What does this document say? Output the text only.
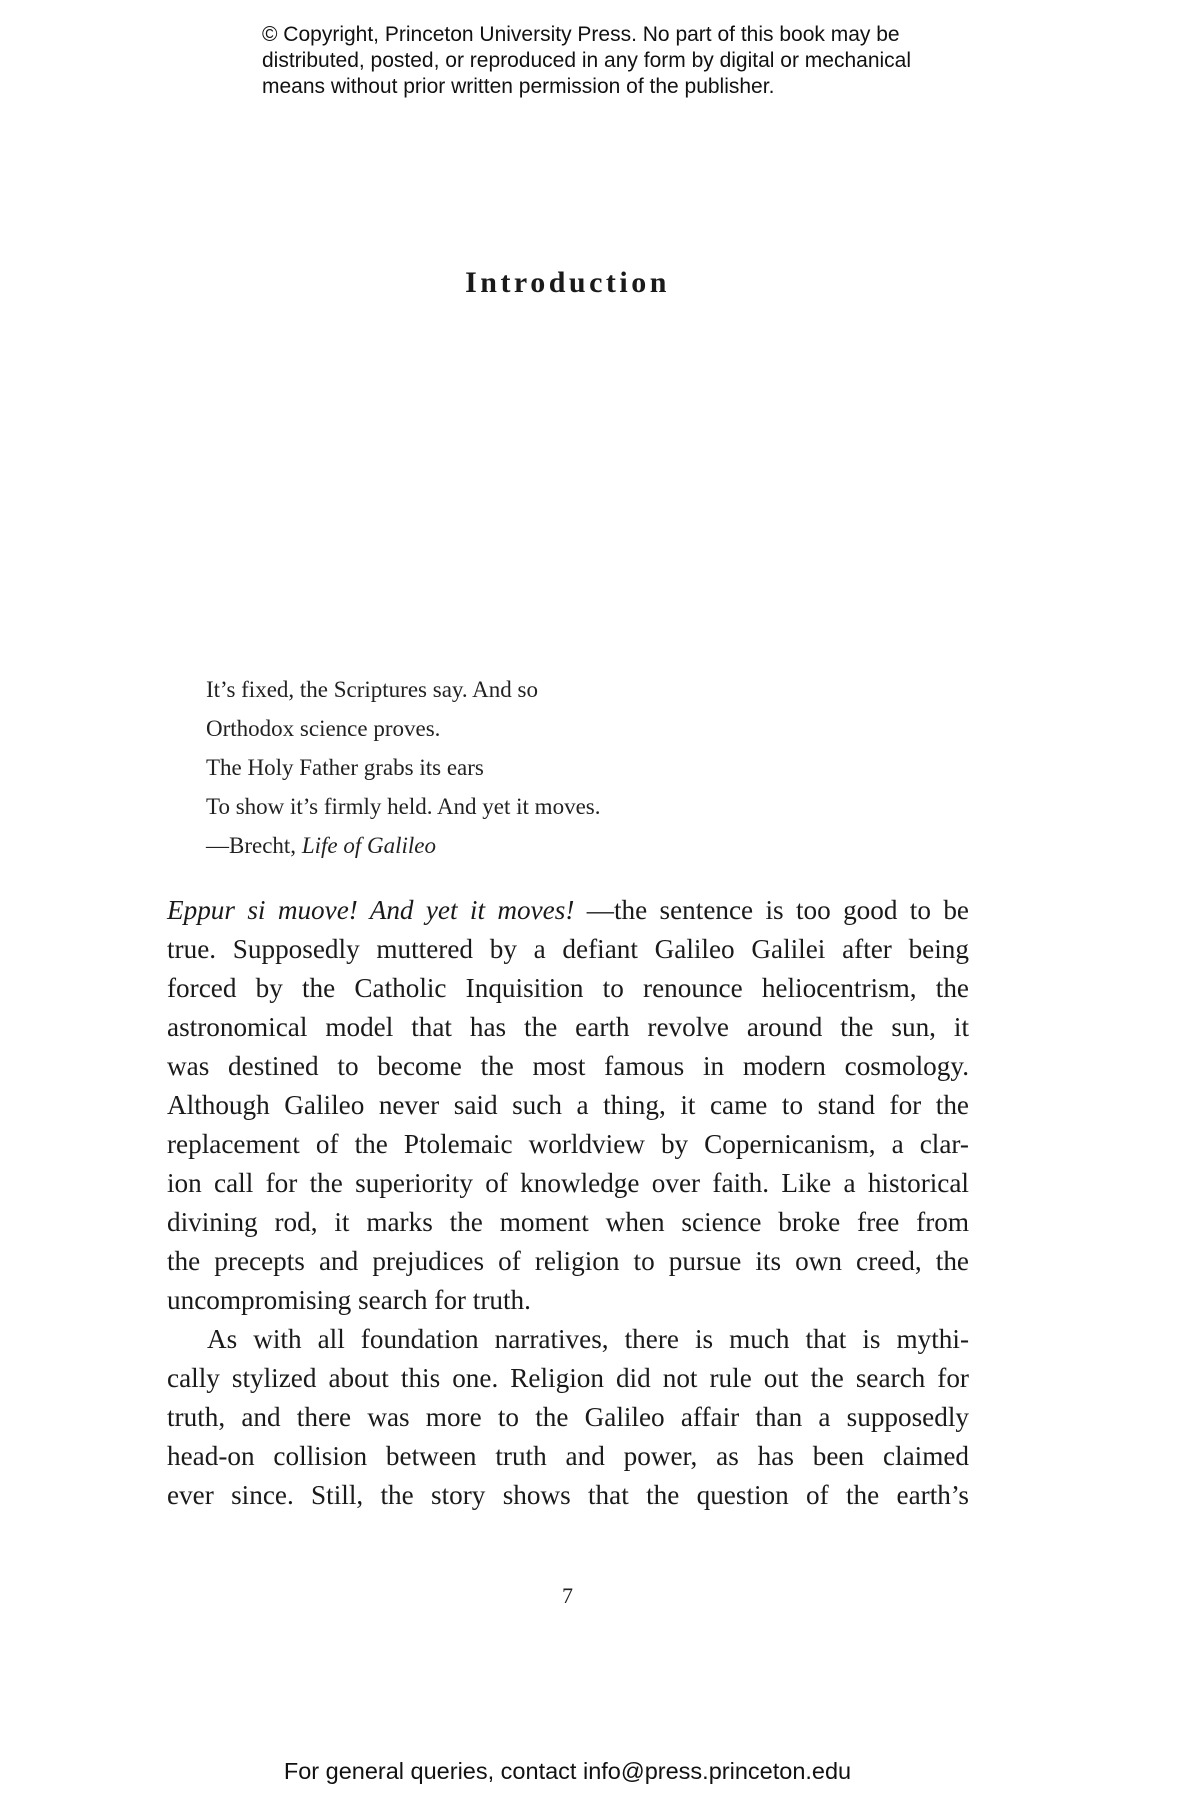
© Copyright, Princeton University Press. No part of this book may be
distributed, posted, or reproduced in any form by digital or mechanical
means without prior written permission of the publisher.
Introduction
It’s fixed, the Scriptures say. And so
Orthodox science proves.
The Holy Father grabs its ears
To show it’s firmly held. And yet it moves.
—Brecht, Life of Galileo
Eppur si muove! And yet it moves! —the sentence is too good to be
true. Supposedly muttered by a defiant Galileo Galilei after being
forced by the Catholic Inquisition to renounce heliocentrism, the
astronomical model that has the earth revolve around the sun, it
was destined to become the most famous in modern cosmology.
Although Galileo never said such a thing, it came to stand for the
replacement of the Ptolemaic worldview by Copernicanism, a clar-
ion call for the superiority of knowledge over faith. Like a historical
divining rod, it marks the moment when science broke free from
the precepts and prejudices of religion to pursue its own creed, the
uncompromising search for truth.
As with all foundation narratives, there is much that is mythi-
cally stylized about this one. Religion did not rule out the search for
truth, and there was more to the Galileo affair than a supposedly
head-on collision between truth and power, as has been claimed
ever since. Still, the story shows that the question of the earth’s
7
For general queries, contact info@press.princeton.edu
